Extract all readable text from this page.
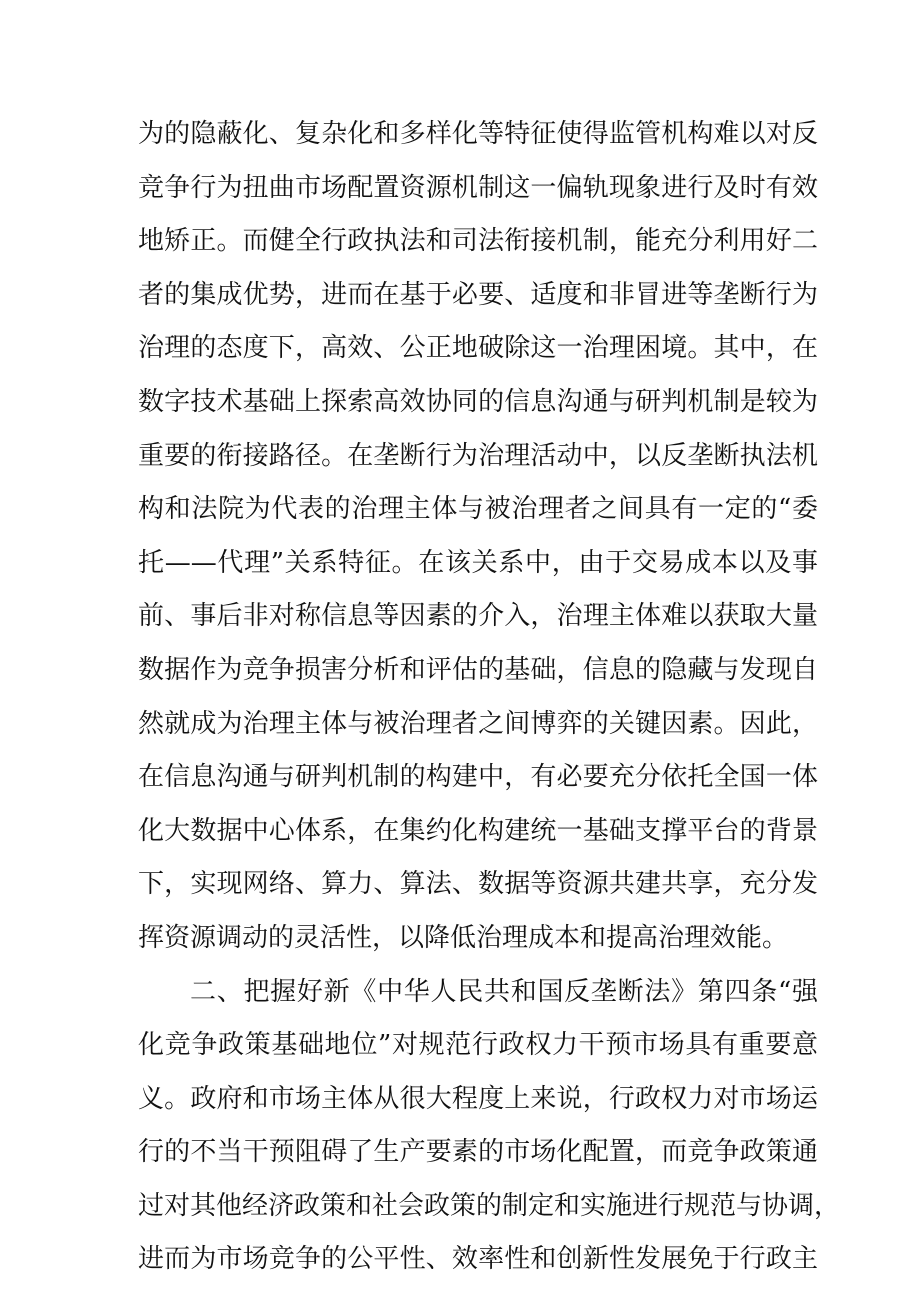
为的隐蔽化、复杂化和多样化等特征使得监管机构难以对反
竞争行为扭曲市场配置资源机制这一偏轨现象进行及时有效
地矫正。而健全行政执法和司法衔接机制，能充分利用好二
者的集成优势，进而在基于必要、适度和非冒进等垄断行为
治理的态度下，高效、公正地破除这一治理困境。其中，在
数字技术基础上探索高效协同的信息沟通与研判机制是较为
重要的衔接路径。在垄断行为治理活动中，以反垄断执法机
构和法院为代表的治理主体与被治理者之间具有一定的“委
托——代理”关系特征。在该关系中，由于交易成本以及事
前、事后非对称信息等因素的介入，治理主体难以获取大量
数据作为竞争损害分析和评估的基础，信息的隐藏与发现自
然就成为治理主体与被治理者之间博弈的关键因素。因此，
在信息沟通与研判机制的构建中，有必要充分依托全国一体
化大数据中心体系，在集约化构建统一基础支撑平台的背景
下，实现网络、算力、算法、数据等资源共建共享，充分发
挥资源调动的灵活性，以降低治理成本和提高治理效能。
二、把握好新《中华人民共和国反垄断法》第四条“强
化竞争政策基础地位”对规范行政权力干预市场具有重要意
义。政府和市场主体从很大程度上来说，行政权力对市场运
行的不当干预阻碍了生产要素的市场化配置，而竞争政策通
过对其他经济政策和社会政策的制定和实施进行规范与协调，
进而为市场竞争的公平性、效率性和创新性发展免于行政主
